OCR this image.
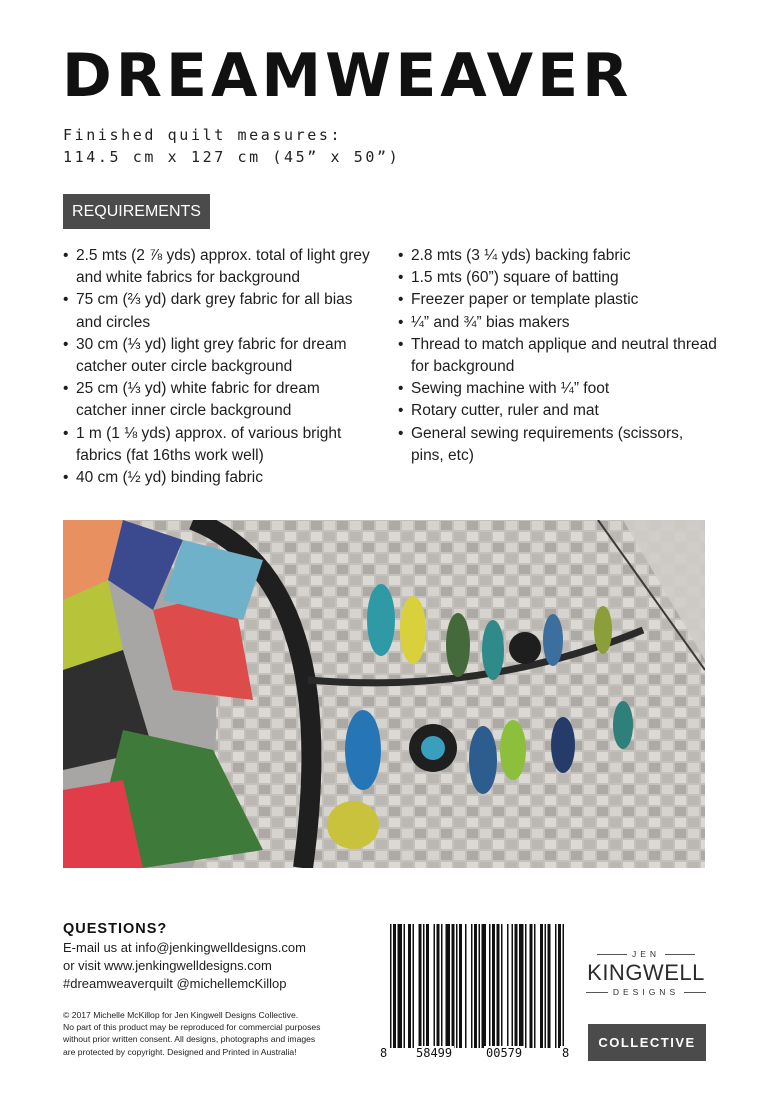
DREAMWEAVER
Finished quilt measures:
114.5 cm x 127 cm (45” x 50”)
REQUIREMENTS
• 2.5 mts (2 ⅞ yds) approx. total of light grey and white fabrics for background
• 75 cm (⅔ yd) dark grey fabric for all bias and circles
• 30 cm (⅓ yd) light grey fabric for dream catcher outer circle background
• 25 cm (⅓ yd) white fabric for dream catcher inner circle background
• 1 m (1 ⅛ yds) approx. of various bright fabrics (fat 16ths work well)
• 40 cm (½ yd) binding fabric
• 2.8 mts (3 ¼ yds) backing fabric
• 1.5 mts (60”) square of batting
• Freezer paper or template plastic
• ¼” and ¾” bias makers
• Thread to match applique and neutral thread for background
• Sewing machine with ¼” foot
• Rotary cutter, ruler and mat
• General sewing requirements (scissors, pins, etc)
QUESTIONS?
E-mail us at info@jenkingwelldesigns.com
or visit www.jenkingwelldesigns.com
#dreamweaverquilt @michellemcKillop
© 2017 Michelle McKillop for Jen Kingwell Designs Collective.
No part of this product may be reproduced for commercial purposes
without prior written consent. All designs, photographs and images
are protected by copyright. Designed and Printed in Australia!	8 58499	00579	8
JEN
KINGWELL
DESIGNS
COLLECTIVE
